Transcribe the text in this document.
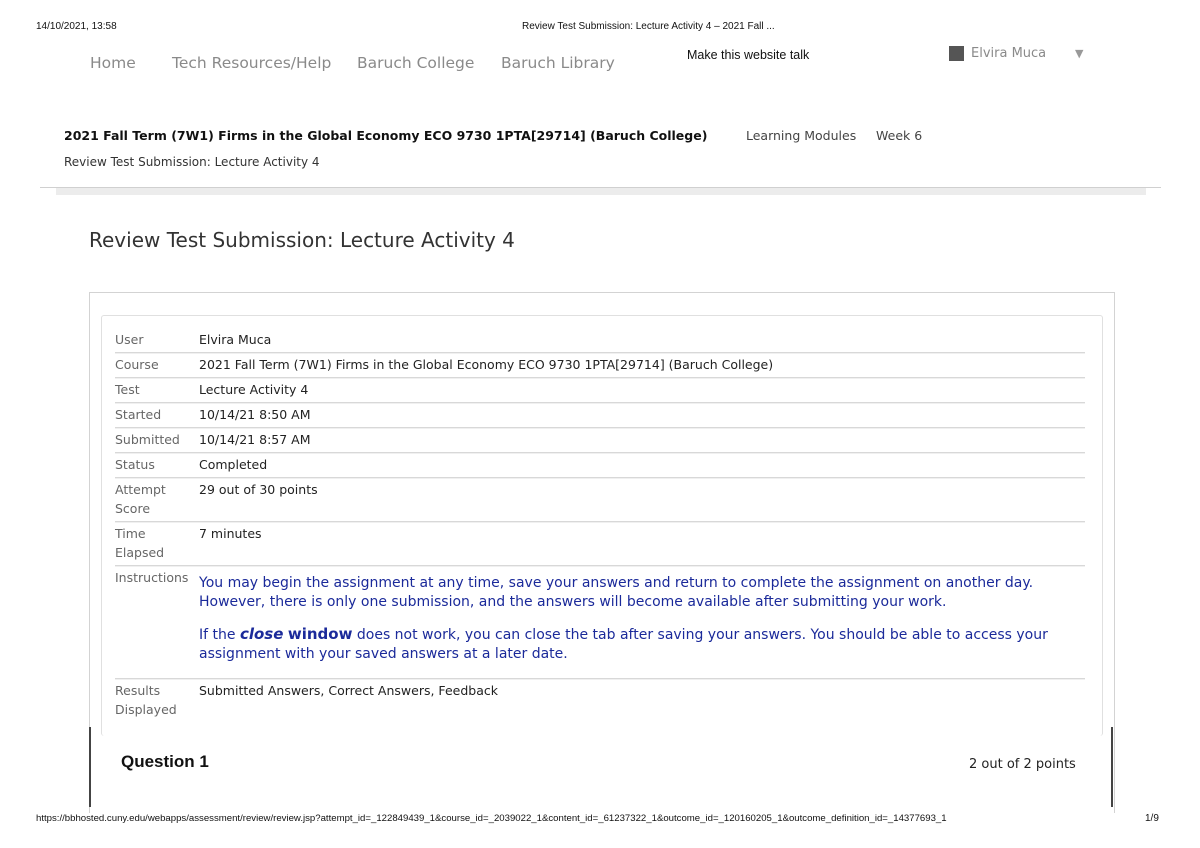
14/10/2021, 13:58	Review Test Submission: Lecture Activity 4 – 2021 Fall ...
Home Tech Resources/Help Baruch College Baruch Library	Make this website talk	Elvira Muca	▼
2021 Fall Term (7W1) Firms in the Global Economy ECO 9730 1PTA[29714] (Baruch College)	Learning Modules Week 6
Review Test Submission: Lecture Activity 4
Review Test Submission: Lecture Activity 4
User	Elvira Muca
Course	2021 Fall Term (7W1) Firms in the Global Economy ECO 9730 1PTA[29714] (Baruch College)
Test	Lecture Activity 4
Started	10/14/21 8:50 AM
Submitted	10/14/21 8:57 AM
Status	Completed
Attempt
Score	29 out of 30 points
Time
Elapsed	7 minutes
Instructions	You may begin the assignment at any time, save your answers and return to complete the assignment on another day. However, there is only one submission, and the answers will become available after submitting your work.

If the close window does not work, you can close the tab after saving your answers. You should be able to access your assignment with your saved answers at a later date.

Results
Displayed	Submitted Answers, Correct Answers, Feedback
Question 1	2 out of 2 points
https://bbhosted.cuny.edu/webapps/assessment/review/review.jsp?attempt_id=_122849439_1&course_id=_2039022_1&content_id=_61237322_1&outcome_id=_120160205_1&outcome_definition_id=_14377693_1	1/9
